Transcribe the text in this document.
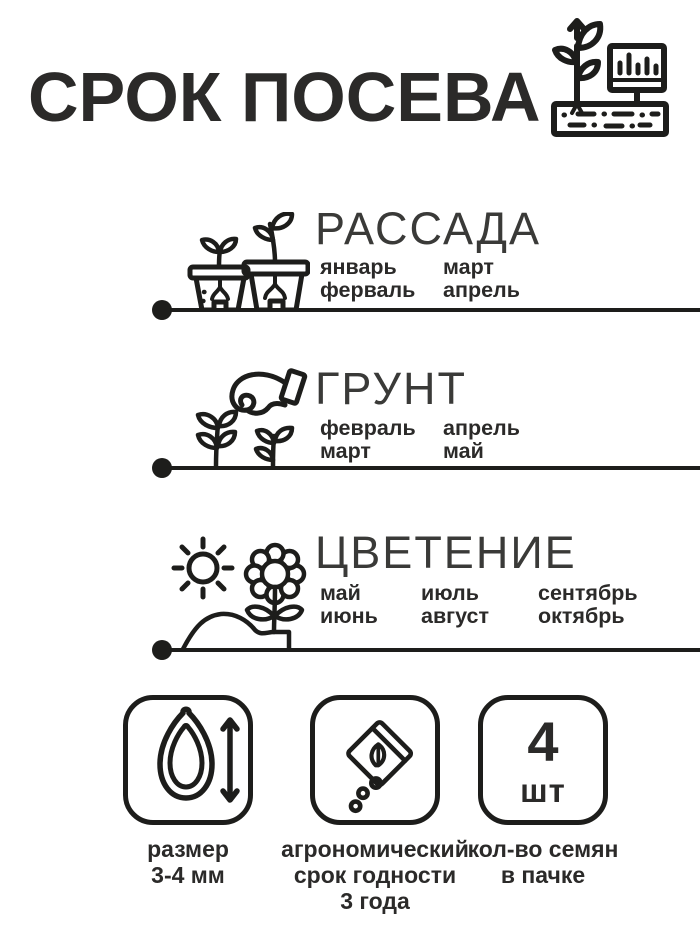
СРОК ПОСЕВА
РАССАДА
январь
ферваль
март
апрель
ГРУНТ
февраль
март
апрель
май
ЦВЕТЕНИЕ
май
июнь
июль
август
сентябрь
октябрь
4
шт
размер
3-4 мм
агрономический
срок годности
3 года
кол-во семян
в пачке
